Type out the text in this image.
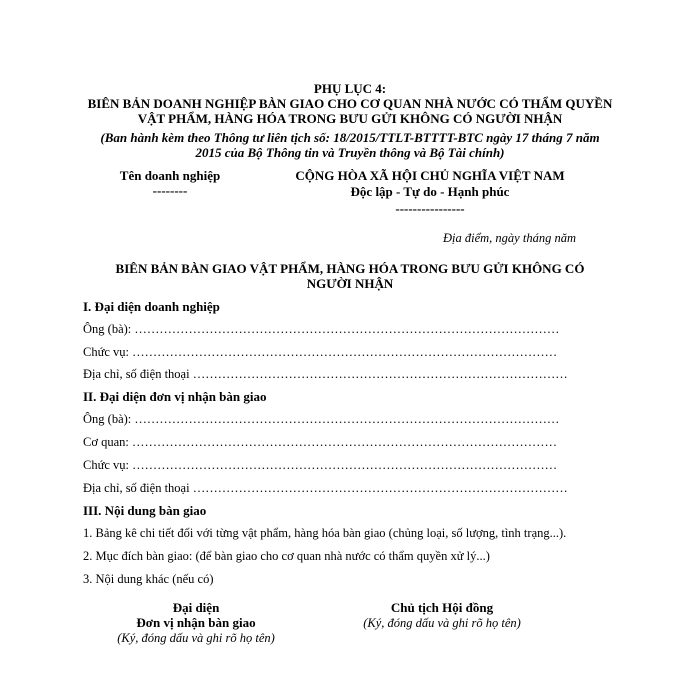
PHỤ LỤC 4:
BIÊN BẢN DOANH NGHIỆP BÀN GIAO CHO CƠ QUAN NHÀ NƯỚC CÓ THẨM QUYỀN
VẬT PHẨM, HÀNG HÓA TRONG BƯU GỬI KHÔNG CÓ NGƯỜI NHẬN
(Ban hành kèm theo Thông tư liên tịch số: 18/2015/TTLT-BTTTT-BTC ngày 17 tháng 7 năm
2015 của Bộ Thông tin và Truyền thông và Bộ Tài chính)
Tên doanh nghiệp
--------
CỘNG HÒA XÃ HỘI CHỦ NGHĨA VIỆT NAM
Độc lập - Tự do - Hạnh phúc
----------------
Địa điểm, ngày tháng năm
BIÊN BẢN BÀN GIAO VẬT PHẨM, HÀNG HÓA TRONG BƯU GỬI KHÔNG CÓ
NGƯỜI NHẬN
I. Đại diện doanh nghiệp
Ông (bà): …………………………………………………………………………………………
Chức vụ: …………………………………………………………………………………………
Địa chỉ, số điện thoại ………………………………………………………………………………
II. Đại diện đơn vị nhận bàn giao
Ông (bà): …………………………………………………………………………………………
Cơ quan: …………………………………………………………………………………………
Chức vụ: …………………………………………………………………………………………
Địa chỉ, số điện thoại ………………………………………………………………………………
III. Nội dung bàn giao
1. Bảng kê chi tiết đối với từng vật phẩm, hàng hóa bàn giao (chủng loại, số lượng, tình trạng...).
2. Mục đích bàn giao: (để bàn giao cho cơ quan nhà nước có thẩm quyền xử lý...)
3. Nội dung khác (nếu có)
Đại diện
Đơn vị nhận bàn giao
(Ký, đóng dấu và ghi rõ họ tên)
Chủ tịch Hội đồng
(Ký, đóng dấu và ghi rõ họ tên)
